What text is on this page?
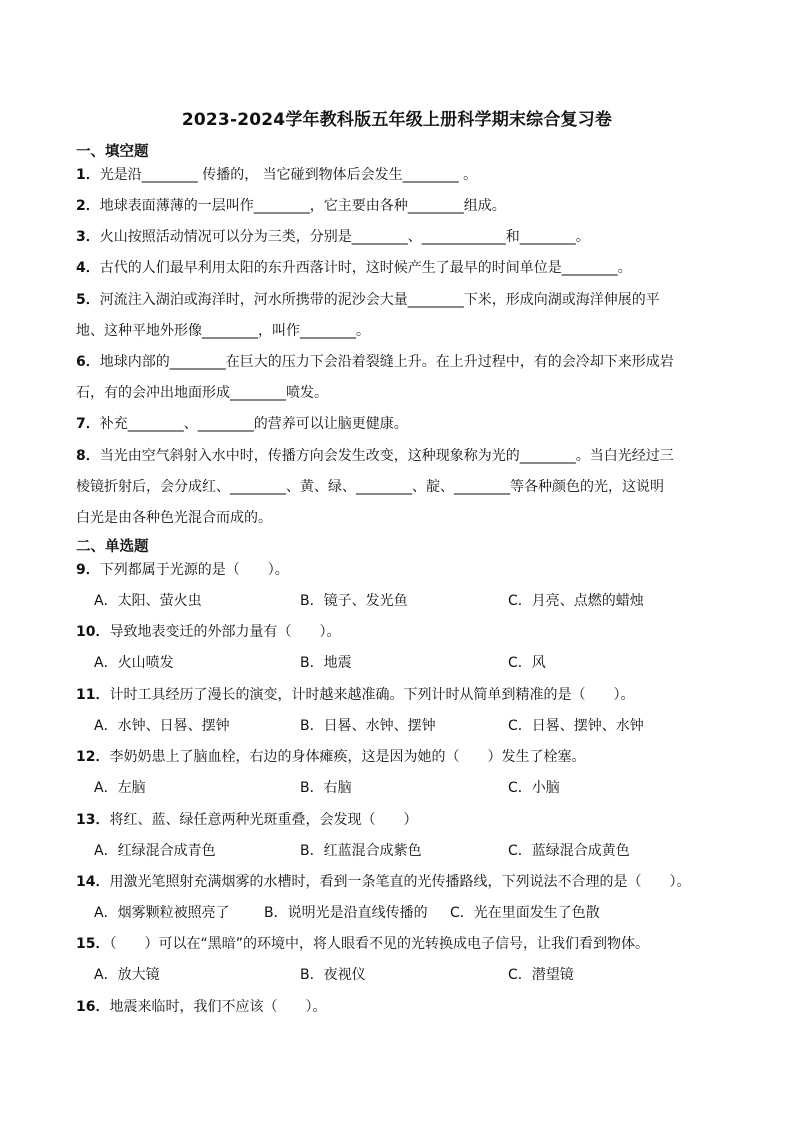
2023-2024学年教科版五年级上册科学期末综合复习卷
一、填空题
1．光是沿________ 传播的， 当它碰到物体后会发生________ 。
2．地球表面薄薄的一层叫作________，它主要由各种________组成。
3．火山按照活动情况可以分为三类，分别是________、____________和________。
4．古代的人们最早利用太阳的东升西落计时，这时候产生了最早的时间单位是________。
5．河流注入湖泊或海洋时，河水所携带的泥沙会大量________下米，形成向湖或海洋伸展的平
地、这种平地外形像________，叫作________。
6．地球内部的________在巨大的压力下会沿着裂缝上升。在上升过程中，有的会冷却下来形成岩
石，有的会冲出地面形成________喷发。
7．补充________、________的营养可以让脑更健康。
8．当光由空气斜射入水中时，传播方向会发生改变，这种现象称为光的________。当白光经过三
棱镜折射后，会分成红、________、黄、绿、________、靛、________等各种颜色的光，这说明
白光是由各种色光混合而成的。
二、单选题
9．下列都属于光源的是（　　）。
A．太阳、萤火虫	B．镜子、发光鱼	C．月亮、点燃的蜡烛
10．导致地表变迁的外部力量有（　　）。
A．火山喷发	B．地震	C．风
11．计时工具经历了漫长的演变，计时越来越准确。下列计时从简单到精准的是（　　）。
A．水钟、日晷、摆钟	B．日晷、水钟、摆钟	C．日晷、摆钟、水钟
12．李奶奶患上了脑血栓，右边的身体瘫痪，这是因为她的（　　）发生了栓塞。
A．左脑	B．右脑	C．小脑
13．将红、蓝、绿任意两种光斑重叠，会发现（　　）
A．红绿混合成青色	B．红蓝混合成紫色	C．蓝绿混合成黄色
14．用激光笔照射充满烟雾的水槽时，看到一条笔直的光传播路线，下列说法不合理的是（　　）。
A．烟雾颗粒被照亮了 B．说明光是沿直线传播的 C．光在里面发生了色散
15．（　　）可以在“黑暗”的环境中，将人眼看不见的光转换成电子信号，让我们看到物体。
A．放大镜	B．夜视仪	C．潜望镜
16．地震来临时，我们不应该（　　）。
